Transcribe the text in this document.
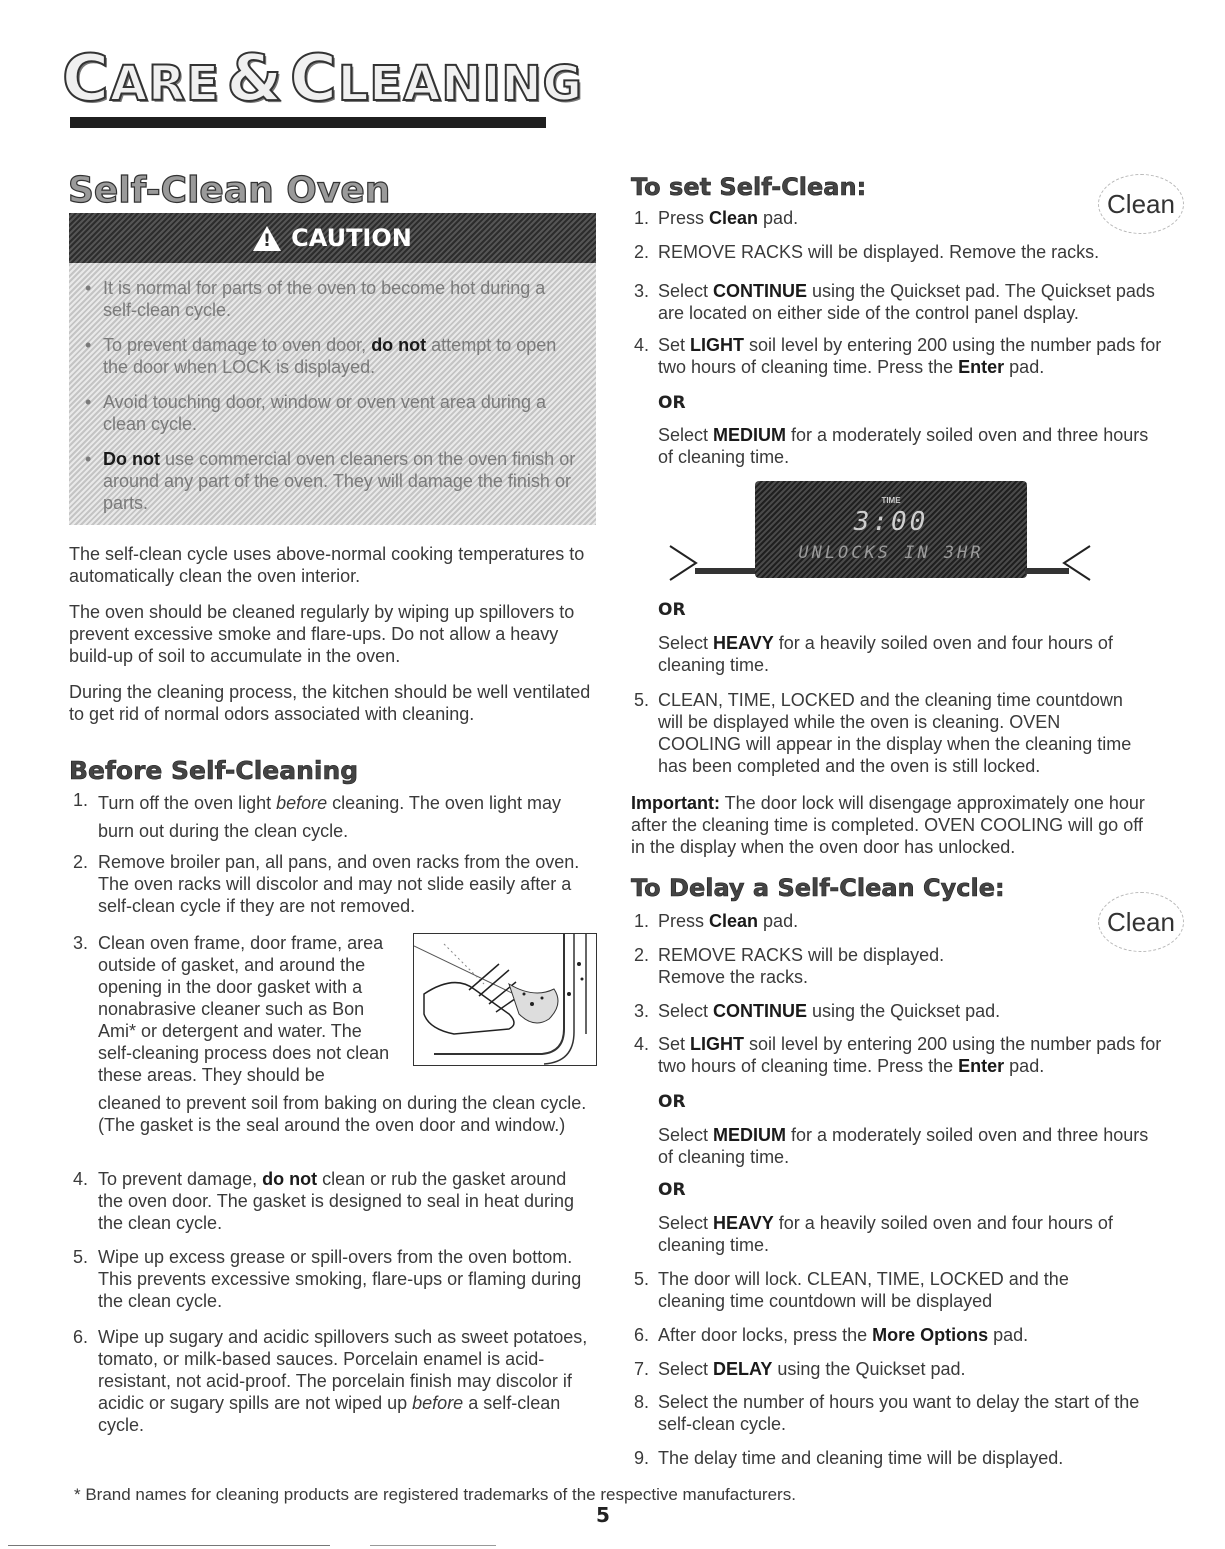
CARE & CLEANING
Self-Clean Oven
! CAUTION
• It is normal for parts of the oven to become hot during a self-clean cycle.
• To prevent damage to oven door, do not attempt to open the door when LOCK is displayed.
• Avoid touching door, window or oven vent area during a clean cycle.
• Do not use commercial oven cleaners on the oven finish or around any part of the oven. They will damage the finish or parts.
The self-clean cycle uses above-normal cooking temperatures to automatically clean the oven interior.
The oven should be cleaned regularly by wiping up spillovers to prevent excessive smoke and flare-ups. Do not allow a heavy build-up of soil to accumulate in the oven.
During the cleaning process, the kitchen should be well ventilated to get rid of normal odors associated with cleaning.
Before Self-Cleaning
1. Turn off the oven light before cleaning. The oven light may burn out during the clean cycle.
2. Remove broiler pan, all pans, and oven racks from the oven. The oven racks will discolor and may not slide easily after a self-clean cycle if they are not removed.
3. Clean oven frame, door frame, area outside of gasket, and around the opening in the door gasket with a nonabrasive cleaner such as Bon Ami* or detergent and water. The self-cleaning process does not clean these areas. They should be
cleaned to prevent soil from baking on during the clean cycle. (The gasket is the seal around the oven door and window.)
4. To prevent damage, do not clean or rub the gasket around the oven door. The gasket is designed to seal in heat during the clean cycle.
5. Wipe up excess grease or spill-overs from the oven bottom. This prevents excessive smoking, flare-ups or flaming during the clean cycle.
6. Wipe up sugary and acidic spillovers such as sweet potatoes, tomato, or milk-based sauces. Porcelain enamel is acid-resistant, not acid-proof. The porcelain finish may discolor if acidic or sugary spills are not wiped up before a self-clean cycle.
To set Self-Clean:
Clean
1. Press Clean pad.
2. REMOVE RACKS will be displayed. Remove the racks.
3. Select CONTINUE using the Quickset pad. The Quickset pads are located on either side of the control panel dsplay.
4. Set LIGHT soil level by entering 200 using the number pads for two hours of cleaning time. Press the Enter pad.
OR
Select MEDIUM for a moderately soiled oven and three hours of cleaning time.
TIME
3:00
UNLOCKS IN 3HR
OR
Select HEAVY for a heavily soiled oven and four hours of cleaning time.
5. CLEAN, TIME, LOCKED and the cleaning time countdown will be displayed while the oven is cleaning. OVEN COOLING will appear in the display when the cleaning time has been completed and the oven is still locked.
Important: The door lock will disengage approximately one hour after the cleaning time is completed. OVEN COOLING will go off in the display when the oven door has unlocked.
To Delay a Self-Clean Cycle:
Clean
1. Press Clean pad.
2. REMOVE RACKS will be displayed. Remove the racks.
3. Select CONTINUE using the Quickset pad.
4. Set LIGHT soil level by entering 200 using the number pads for two hours of cleaning time. Press the Enter pad.
OR
Select MEDIUM for a moderately soiled oven and three hours of cleaning time.
OR
Select HEAVY for a heavily soiled oven and four hours of cleaning time.
5. The door will lock. CLEAN, TIME, LOCKED and the cleaning time countdown will be displayed
6. After door locks, press the More Options pad.
7. Select DELAY using the Quickset pad.
8. Select the number of hours you want to delay the start of the self-clean cycle.
9. The delay time and cleaning time will be displayed.
* Brand names for cleaning products are registered trademarks of the respective manufacturers.
5
